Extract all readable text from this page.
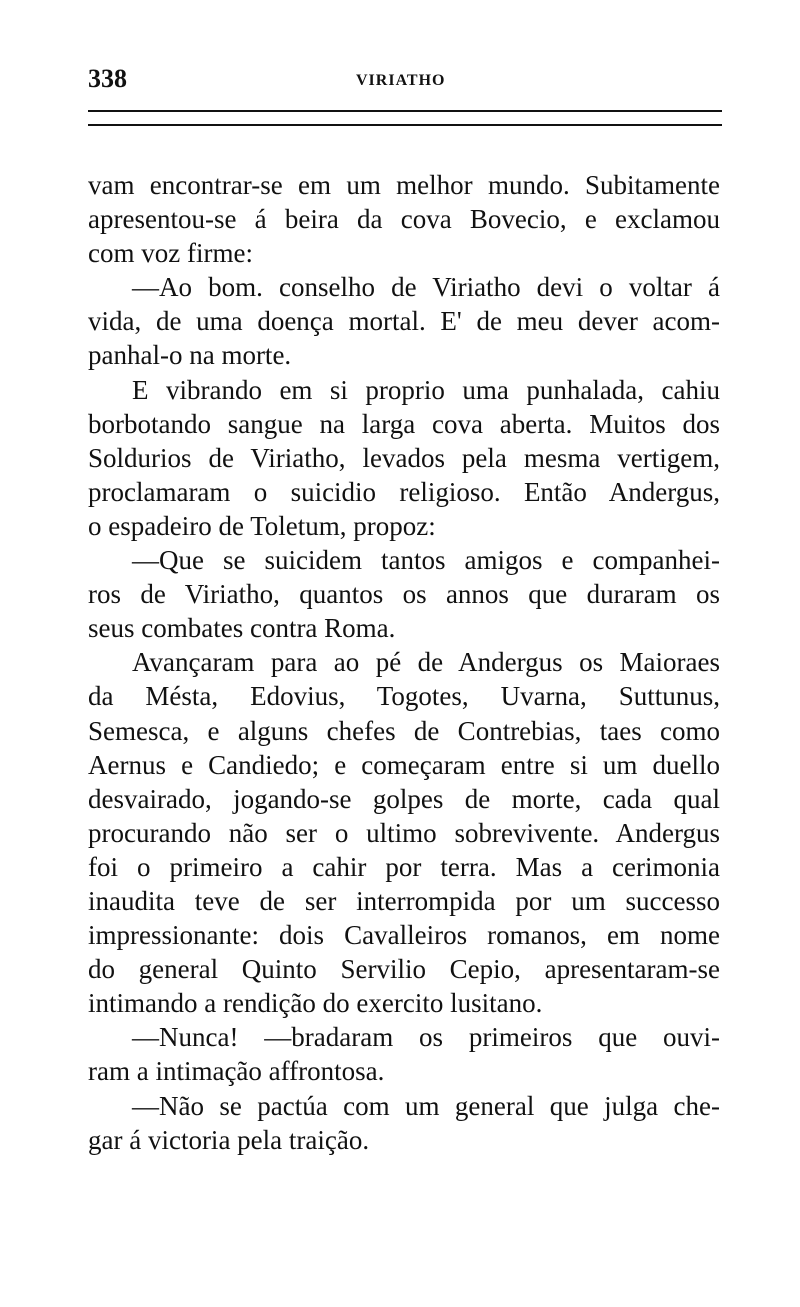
338	VIRIATHO
vam encontrar-se em um melhor mundo. Subitamente
apresentou-se á beira da cova Bovecio, e exclamou
com voz firme:
—Ao bom. conselho de Viriatho devi o voltar á
vida, de uma doença mortal. E' de meu dever acom-
panhal-o na morte.
E vibrando em si proprio uma punhalada, cahiu
borbotando sangue na larga cova aberta. Muitos dos
Soldurios de Viriatho, levados pela mesma vertigem,
proclamaram o suicidio religioso. Então Andergus,
o espadeiro de Toletum, propoz:
—Que se suicidem tantos amigos e companhei-
ros de Viriatho, quantos os annos que duraram os
seus combates contra Roma.
Avançaram para ao pé de Andergus os Maioraes
da Mésta, Edovius, Togotes, Uvarna, Suttunus,
Semesca, e alguns chefes de Contrebias, taes como
Aernus e Candiedo; e começaram entre si um duello
desvairado, jogando-se golpes de morte, cada qual
procurando não ser o ultimo sobrevivente. Andergus
foi o primeiro a cahir por terra. Mas a cerimonia
inaudita teve de ser interrompida por um successo
impressionante: dois Cavalleiros romanos, em nome
do general Quinto Servilio Cepio, apresentaram-se
intimando a rendição do exercito lusitano.
—Nunca! —bradaram os primeiros que ouvi-
ram a intimação affrontosa.
—Não se pactúa com um general que julga che-
gar á victoria pela traição.
